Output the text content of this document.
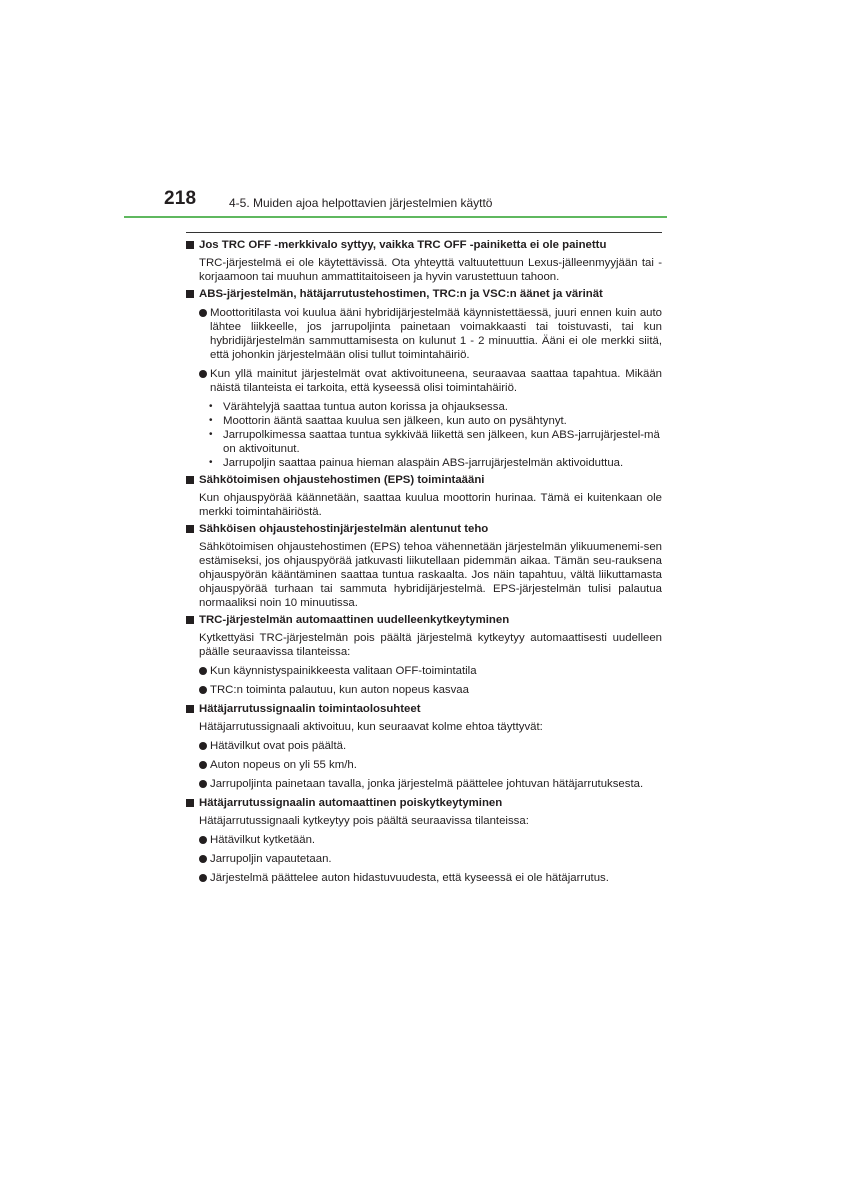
218	4-5. Muiden ajoa helpottavien järjestelmien käyttö

Jos TRC OFF -merkkivalo syttyy, vaikka TRC OFF -painiketta ei ole painettu

TRC-järjestelmä ei ole käytettävissä. Ota yhteyttä valtuutettuun Lexus-jälleenmyyjään tai -korjaamoon tai muuhun ammattitaitoiseen ja hyvin varustettuun tahoon.

ABS-järjestelmän, hätäjarrutustehostimen, TRC:n ja VSC:n äänet ja värinät

Moottoritilasta voi kuulua ääni hybridijärjestelmää käynnistettäessä, juuri ennen kuin auto lähtee liikkeelle, jos jarrupoljinta painetaan voimakkaasti tai toistuvasti, tai kun hybridijärjestelmän sammuttamisesta on kulunut 1 - 2 minuuttia. Ääni ei ole merkki siitä, että johonkin järjestelmään olisi tullut toimintahäiriö.
Kun yllä mainitut järjestelmät ovat aktivoituneena, seuraavaa saattaa tapahtua. Mikään näistä tilanteista ei tarkoita, että kyseessä olisi toimintahäiriö.
• Värähtelyjä saattaa tuntua auton korissa ja ohjauksessa.
• Moottorin ääntä saattaa kuulua sen jälkeen, kun auto on pysähtynyt.
• Jarrupolkimessa saattaa tuntua sykkivää liikettä sen jälkeen, kun ABS-jarrujärjestel-mä on aktivoitunut.
• Jarrupoljin saattaa painua hieman alaspäin ABS-jarrujärjestelmän aktivoiduttua.

Sähkötoimisen ohjaustehostimen (EPS) toimintaääni

Kun ohjauspyörää käännetään, saattaa kuulua moottorin hurinaa. Tämä ei kuitenkaan ole merkki toimintahäiriöstä.

Sähköisen ohjaustehostinjärjestelmän alentunut teho

Sähkötoimisen ohjaustehostimen (EPS) tehoa vähennetään järjestelmän ylikuumenemi-sen estämiseksi, jos ohjauspyörää jatkuvasti liikutellaan pidemmän aikaa. Tämän seu-rauksena ohjauspyörän kääntäminen saattaa tuntua raskaalta. Jos näin tapahtuu, vältä liikuttamasta ohjauspyörää turhaan tai sammuta hybridijärjestelmä. EPS-järjestelmän tulisi palautua normaaliksi noin 10 minuutissa.

TRC-järjestelmän automaattinen uudelleenkytkeytyminen

Kytkettyäsi TRC-järjestelmän pois päältä järjestelmä kytkeytyy automaattisesti uudelleen päälle seuraavissa tilanteissa:

Kun käynnistyspainikkeesta valitaan OFF-toimintatila
TRC:n toiminta palautuu, kun auton nopeus kasvaa

Hätäjarrutussignaalin toimintaolosuhteet

Hätäjarrutussignaali aktivoituu, kun seuraavat kolme ehtoa täyttyvät:

Hätävilkut ovat pois päältä.
Auton nopeus on yli 55 km/h.
Jarrupoljinta painetaan tavalla, jonka järjestelmä päättelee johtuvan hätäjarrutuksesta.

Hätäjarrutussignaalin automaattinen poiskytkeytyminen

Hätäjarrutussignaali kytkeytyy pois päältä seuraavissa tilanteissa:

Hätävilkut kytketään.
Jarrupoljin vapautetaan.
Järjestelmä päättelee auton hidastuvuudesta, että kyseessä ei ole hätäjarrutus.
